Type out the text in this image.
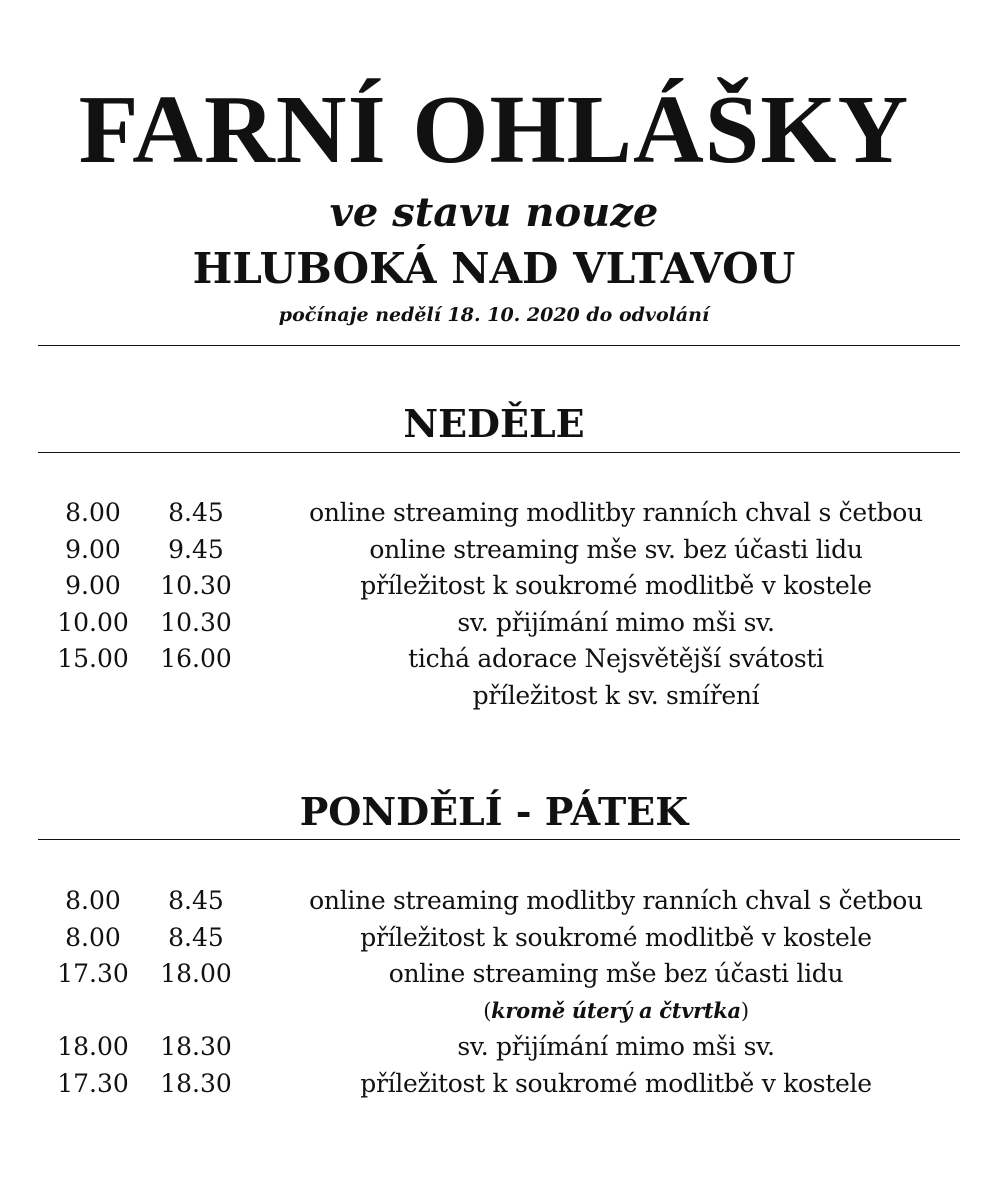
FARNÍ OHLÁŠKY
ve stavu nouze
HLUBOKÁ NAD VLTAVOU
počínaje nedělí 18. 10. 2020 do odvolání
NEDĚLE
8.00	8.45	online streaming modlitby ranních chval s četbou
9.00	9.45	online streaming mše sv. bez účasti lidu
9.00	10.30	příležitost k soukromé modlitbě v kostele
10.00	10.30	sv. přijímání mimo mši sv.
15.00	16.00	tichá adorace Nejsvětější svátosti
příležitost k sv. smíření
PONDĚLÍ - PÁTEK
8.00	8.45	online streaming modlitby ranních chval s četbou
8.00	8.45	příležitost k soukromé modlitbě v kostele
17.30	18.00	online streaming mše bez účasti lidu
(kromě úterý a čtvrtka)
18.00	18.30	sv. přijímání mimo mši sv.
17.30	18.30	příležitost k soukromé modlitbě v kostele
